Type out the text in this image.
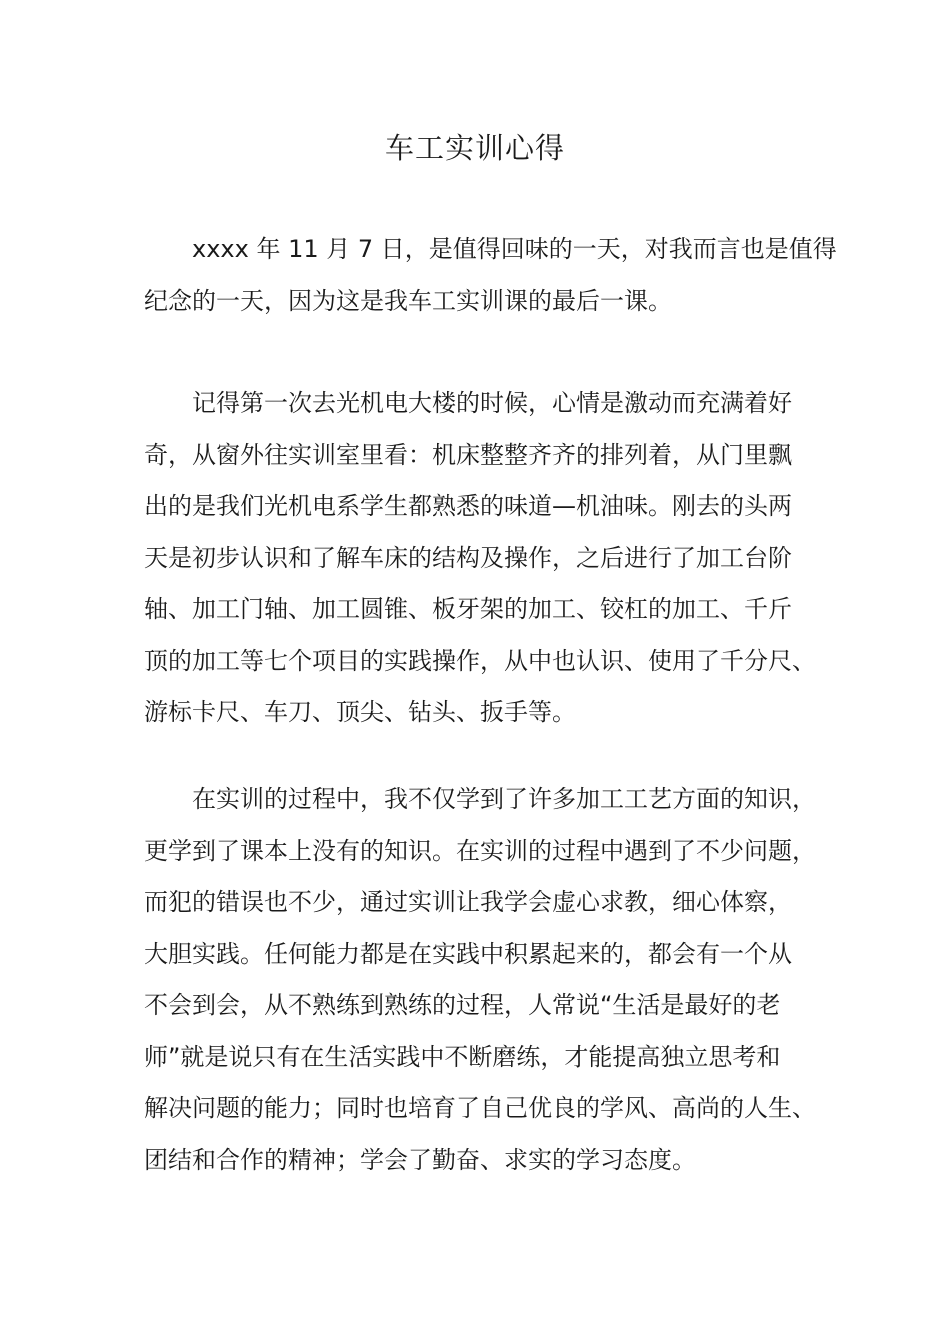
车工实训心得
xxxx 年 11 月 7 日，是值得回味的一天，对我而言也是值得
纪念的一天，因为这是我车工实训课的最后一课。
记得第一次去光机电大楼的时候，心情是激动而充满着好
奇，从窗外往实训室里看：机床整整齐齐的排列着，从门里飘
出的是我们光机电系学生都熟悉的味道—机油味。刚去的头两
天是初步认识和了解车床的结构及操作，之后进行了加工台阶
轴、加工门轴、加工圆锥、板牙架的加工、铰杠的加工、千斤
顶的加工等七个项目的实践操作，从中也认识、使用了千分尺、
游标卡尺、车刀、顶尖、钻头、扳手等。
在实训的过程中，我不仅学到了许多加工工艺方面的知识，
更学到了课本上没有的知识。在实训的过程中遇到了不少问题，
而犯的错误也不少，通过实训让我学会虚心求教，细心体察，
大胆实践。任何能力都是在实践中积累起来的，都会有一个从
不会到会，从不熟练到熟练的过程，人常说“生活是最好的老
师”就是说只有在生活实践中不断磨练，才能提高独立思考和
解决问题的能力；同时也培育了自己优良的学风、高尚的人生、
团结和合作的精神；学会了勤奋、求实的学习态度。
